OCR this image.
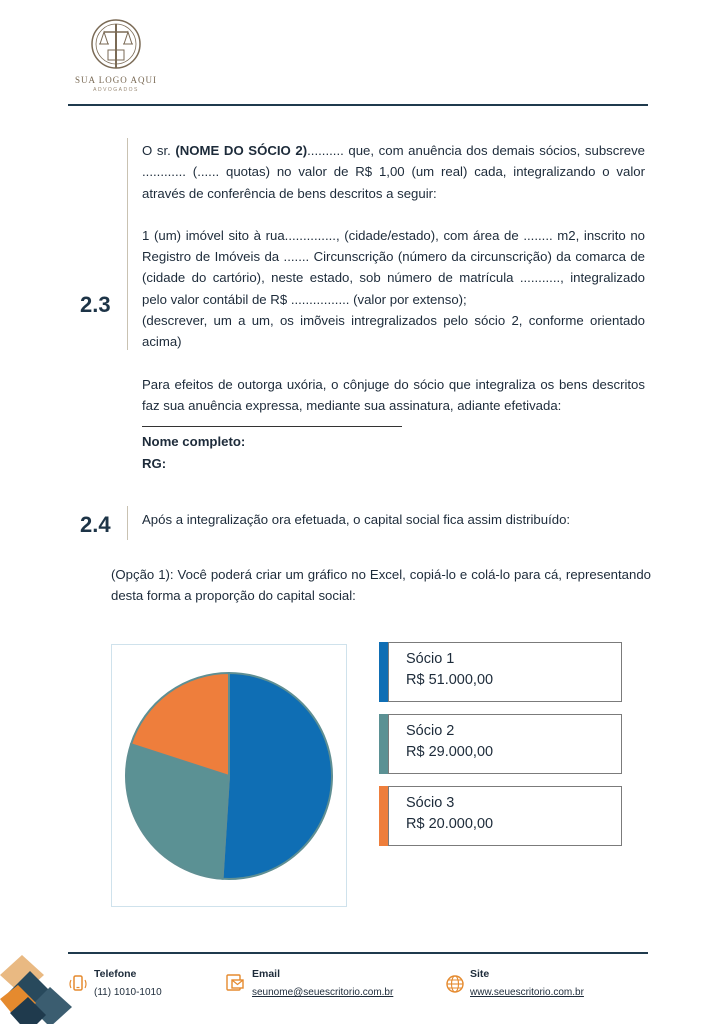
SUA LOGO AQUI
ADVOGADOS
2.3

O sr. (NOME DO SÓCIO 2).......... que, com anuência dos demais sócios, subscreve ............ (...... quotas) no valor de R$ 1,00 (um real) cada, integralizando o valor através de conferência de bens descritos a seguir:

1 (um) imóvel sito à rua.............., (cidade/estado), com área de ........ m2, inscrito no Registro de Imóveis da ....... Circunscrição (número da circunscrição) da comarca de (cidade do cartório), neste estado, sob número de matrícula ..........., integralizado pelo valor contábil de R$ ................ (valor por extenso);

(descrever, um a um, os imõveis intregralizados pelo sócio 2, conforme orientado acima)

Para efeitos de outorga uxória, o cônjuge do sócio que integraliza os bens descritos faz sua anuência expressa, mediante sua assinatura, adiante efetivada:

Nome completo:

RG:

2.4 Após a integralização ora efetuada, o capital social fica assim distribuído:
(Opção 1): Você poderá criar um gráfico no Excel, copiá-lo e colá-lo para cá, representando desta forma a proporção do capital social:
Sócio 1
R$ 51.000,00
Sócio 2
R$ 29.000,00
Sócio 3
R$ 20.000,00
Telefone
(11) 1010-1010
Email
seunome@seuescritorio.com.br
Site
www.seuescritorio.com.br
